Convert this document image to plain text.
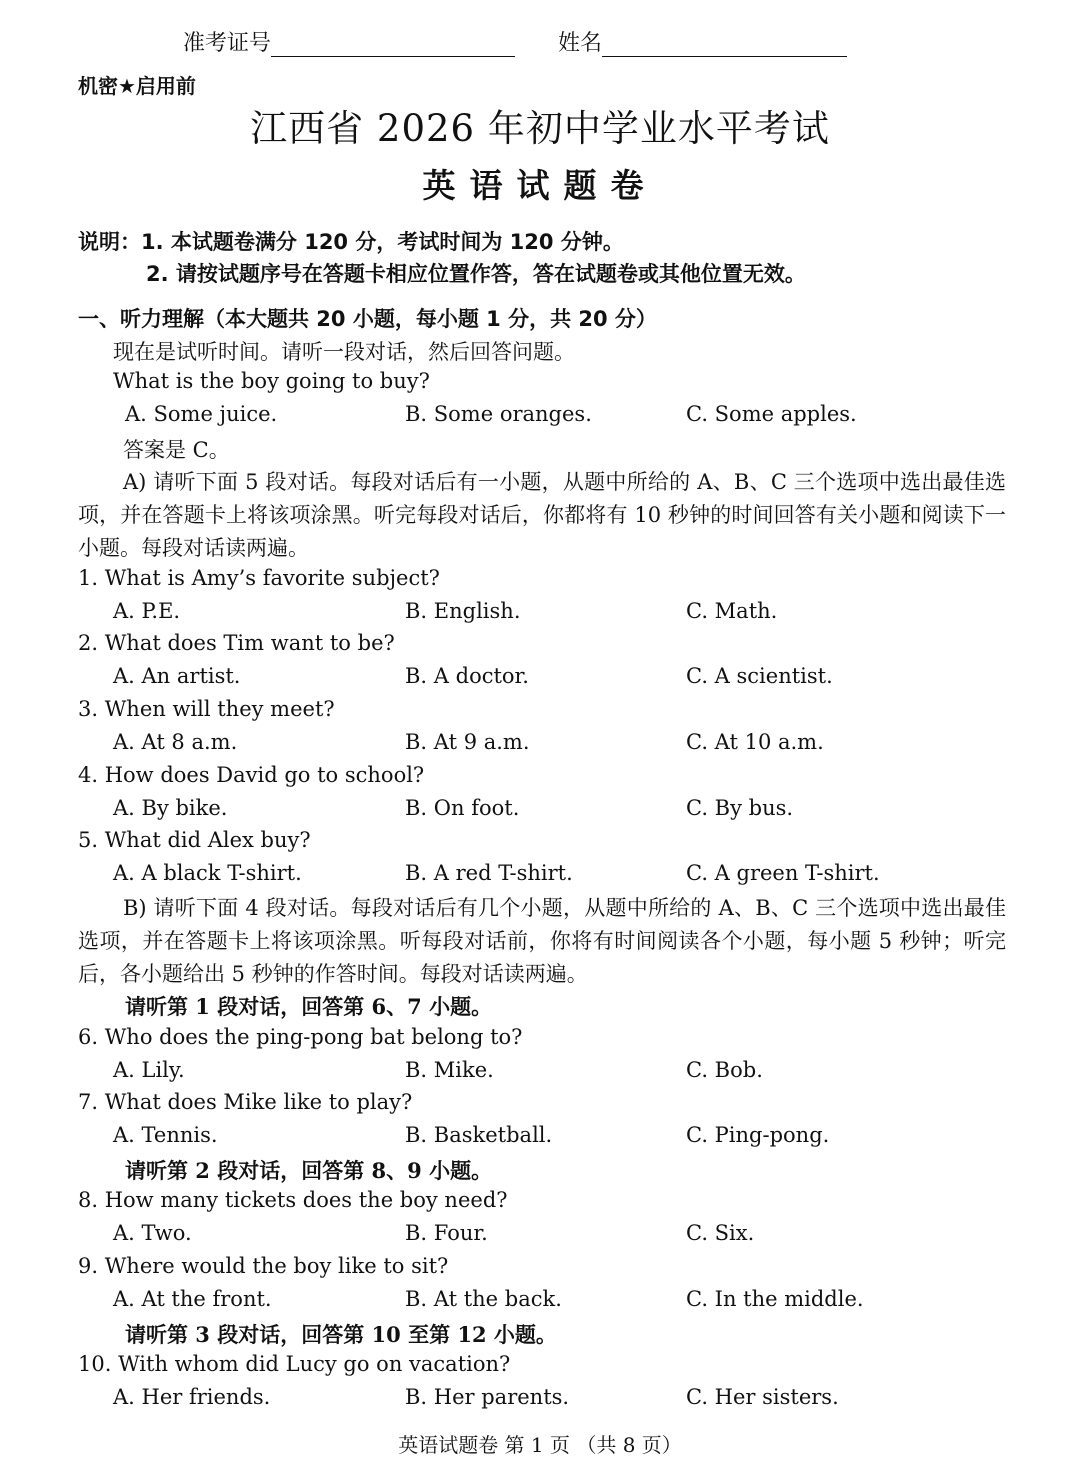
准考证号	姓名
机密★启用前
江西省 2026 年初中学业水平考试
英语试题卷
说明：1. 本试题卷满分 120 分，考试时间为 120 分钟。
2. 请按试题序号在答题卡相应位置作答，答在试题卷或其他位置无效。
一、听力理解（本大题共 20 小题，每小题 1 分，共 20 分）
现在是试听时间。请听一段对话，然后回答问题。
What is the boy going to buy?
A. Some juice.	B. Some oranges.	C. Some apples.
答案是 C。
A) 请听下面 5 段对话。每段对话后有一小题，从题中所给的 A、B、C 三个选项中选出最佳选项，并在答题卡上将该项涂黑。听完每段对话后，你都将有 10 秒钟的时间回答有关小题和阅读下一小题。每段对话读两遍。
1. What is Amy’s favorite subject?
A. P.E.	B. English.	C. Math.
2. What does Tim want to be?
A. An artist.	B. A doctor.	C. A scientist.
3. When will they meet?
A. At 8 a.m.	B. At 9 a.m.	C. At 10 a.m.
4. How does David go to school?
A. By bike.	B. On foot.	C. By bus.
5. What did Alex buy?
A. A black T-shirt.	B. A red T-shirt.	C. A green T-shirt.
B) 请听下面 4 段对话。每段对话后有几个小题，从题中所给的 A、B、C 三个选项中选出最佳选项，并在答题卡上将该项涂黑。听每段对话前，你将有时间阅读各个小题，每小题 5 秒钟；听完后，各小题给出 5 秒钟的作答时间。每段对话读两遍。
请听第 1 段对话，回答第 6、7 小题。
6. Who does the ping-pong bat belong to?
A. Lily.	B. Mike.	C. Bob.
7. What does Mike like to play?
A. Tennis.	B. Basketball.	C. Ping-pong.
请听第 2 段对话，回答第 8、9 小题。
8. How many tickets does the boy need?
A. Two.	B. Four.	C. Six.
9. Where would the boy like to sit?
A. At the front.	B. At the back.	C. In the middle.
请听第 3 段对话，回答第 10 至第 12 小题。
10. With whom did Lucy go on vacation?
A. Her friends.	B. Her parents.	C. Her sisters.
英语试题卷 第 1 页 （共 8 页）
